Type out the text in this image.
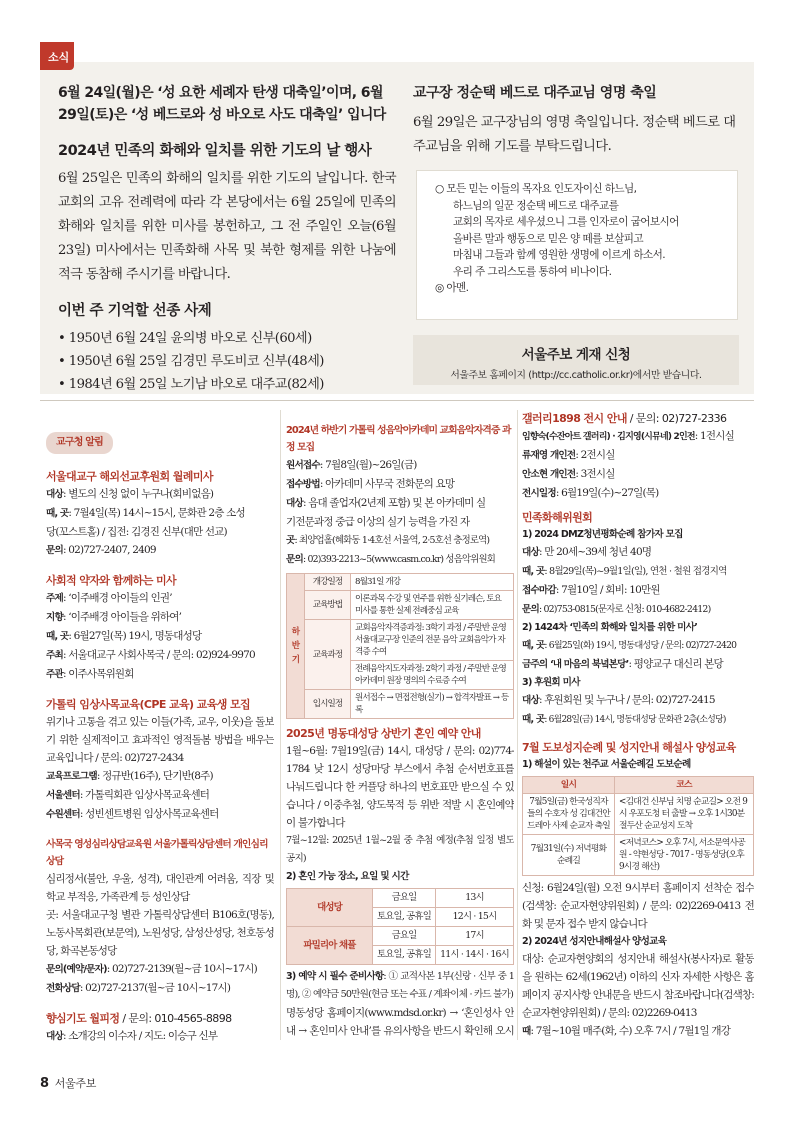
소식
6월 24일(월)은 ‘성 요한 세례자 탄생 대축일’이며, 6월 29일(토)은 ‘성 베드로와 성 바오로 사도 대축일’ 입니다
2024년 민족의 화해와 일치를 위한 기도의 날 행사
6월 25일은 민족의 화해의 일치를 위한 기도의 날입니다. 한국 교회의 고유 전례력에 따라 각 본당에서는 6월 25일에 민족의 화해와 일치를 위한 미사를 봉헌하고, 그 전 주일인 오늘(6월 23일) 미사에서는 민족화해 사목 및 북한 형제를 위한 나눔에 적극 동참해 주시기를 바랍니다.
이번 주 기억할 선종 사제
• 1950년 6월 24일 윤의병 바오로 신부(60세)
• 1950년 6월 25일 김경민 루도비코 신부(48세)
• 1984년 6월 25일 노기남 바오로 대주교(82세)
교구장 정순택 베드로 대주교님 영명 축일
6월 29일은 교구장님의 영명 축일입니다. 정순택 베드로 대주교님을 위해 기도를 부탁드립니다.

○ 모든 믿는 이들의 목자요 인도자이신 하느님,

하느님의 일꾼 정순택 베드로 대주교를

교회의 목자로 세우셨으니 그를 인자로이 굽어보시어

올바른 말과 행동으로 믿은 양 떼를 보살피고

마침내 그들과 함께 영원한 생명에 이르게 하소서.

우리 주 그리스도를 통하여 비나이다.

◎ 아멘.

서울주보 게재 신청
서울주보 홈페이지 (http://cc.catholic.or.kr)에서만 받습니다.
교구청 알림
서울대교구 해외선교후원회 월례미사
대상: 별도의 신청 없이 누구나(회비없음)
때, 곳: 7월4일(목) 14시~15시, 문화관 2층 소성
당(꼬스트홀) / 집전: 김경진 신부(대만 선교)
문의: 02)727-2407, 2409
사회적 약자와 함께하는 미사
주제: ‘이주배경 아이들의 인권’
지향: ‘이주배경 아이들을 위하여’
때, 곳: 6월27일(목) 19시, 명동대성당
주최: 서울대교구 사회사목국 / 문의: 02)924-9970
주관: 이주사목위원회
가톨릭 임상사목교육(CPE 교육) 교육생 모집
위기나 고통을 겪고 있는 이들(가족, 교우, 이웃)을 돌보기 위한 실제적이고 효과적인 영적돌봄 방법을 배우는 교육입니다 / 문의: 02)727-2434
교육프로그램: 정규반(16주), 단기반(8주)
서울센터: 가톨릭회관 임상사목교육센터
수원센터: 성빈센트병원 임상사목교육센터
사목국 영성심리상담교육원 서울가톨릭상담센터 개인심리상담
심리정서(불안, 우울, 성격), 대인관계 어려움, 직장 및 학교 부적응, 가족관계 등 성인상담
곳: 서울대교구청 별관 가톨릭상담센터 B106호(명동), 노동사목회관(보문역), 노원성당, 삼성산성당, 천호동성당, 화곡본동성당
문의(예약/문자): 02)727-2139(월~금 10시~17시)
전화상담: 02)727-2137(월~금 10시~17시)
향심기도 월피정 / 문의: 010-4565-8898
대상: 소개강의 이수자 / 지도: 이승구 신부

2024년 하반기 가톨릭 성음악아카데미 교회음악자격증 과정 모집
원서접수: 7월8일(월)~26일(금)
접수방법: 아카데미 사무국 전화문의 요망
대상: 음대 졸업자(2년제 포함) 및 본 아카데미 실
기전문과정 중급 이상의 실기 능력을 가진 자
곳: 최양업홀(혜화동 1·4호선 서울역, 2·5호선 충정로역)
문의: 02)393-2213~5(www.casm.co.kr) 성음악위원회
하반기	개강일정	8월31일 개강
	교육방법	이론과목 수강 및 연주를 위한 실기레슨, 토요 미사를 통한 실제 전례중심 교육
	교육과정	교회음악자격증과정: 3학기 과정 / 주말반 운영 서울대교구장 인준의 전문 음악 교회음악가 자격증 수여
		전례음악지도자과정: 2학기 과정 / 주말반 운영 아카데미 원장 명의의 수료증 수여
	입시일정	원서접수 → 면접전형(실기) → 합격자발표 → 등록
2025년 명동대성당 상반기 혼인 예약 안내
1월~6월: 7월19일(금) 14시, 대성당 / 문의: 02)774-1784 낮 12시 성당마당 부스에서 추첨 순서번호표를 나눠드립니다 한 커플당 하나의 번호표만 받으실 수 있습니다 / 이중추첨, 양도묵적 등 위반 적발 시 혼인예약이 불가합니다
7월~12월: 2025년 1월~2월 중 추첨 예정(추첨 일정 별도 공지)
2) 혼인 가능 장소, 요일 및 시간
대성당	금요일	13시
	토요일, 공휴일	12시 · 15시
파밀리아 채플	금요일	17시
	토요일, 공휴일	11시 · 14시 · 16시
3) 예약 시 필수 준비사항: ① 교적사본 1부(신랑 · 신부 중 1명), ② 예약금 50만원(현금 또는 수표 / 계좌이체 · 카드 불가)
명동성당 홈페이지(www.mdsd.or.kr) → ‘혼인성사 안내 → 혼인미사 안내’를 유의사항을 반드시 확인해 오시
갤러리1898 전시 안내 / 문의: 02)727-2336
임향숙(수잔아트 갤러리) · 김지영(시뮤네) 2인전: 1전시실
류재영 개인전: 2전시실
안소현 개인전: 3전시실
전시일정: 6월19일(수)~27일(목)
민족화해위원회
1) 2024 DMZ청년평화순례 참가자 모집
대상: 만 20세~39세 청년 40명
때, 곳: 8월29일(목)~9월1일(일), 연천 · 철원 접경지역
접수마감: 7월10일 / 회비: 10만원
문의: 02)753-0815(문자로 신청: 010-4682-2412)
2) 1424차 ‘민족의 화해와 일치를 위한 미사’
때, 곳: 6월25일(화) 19시, 명동대성당 / 문의: 02)727-2420
금주의 ‘내 마음의 북녘본당’: 평양교구 대신리 본당
3) 후원회 미사
대상: 후원회원 및 누구나 / 문의: 02)727-2415
때, 곳: 6월28일(금) 14시, 명동대성당 문화관 2층(소성당)
7월 도보성지순례 및 성지안내 해설사 양성교육
1) 해설이 있는 천주교 서울순례길 도보순례
일시	코스
7월5일(금) 한국성직자들의 수호자 성 김대건안드레아 사제 순교자 축일	<김대건 신부님 치명 순교길> 오전 9시 우포도청 터 출발 → 오후 1시30분 절두산 순교성지 도착
7월31일(수) 저녁평화순례길	<저녁코스> 오후 7시, 서소문역사공원 - 약현성당 - 7017 - 명동성당(오후 9시경 해산)
신청: 6월24일(월) 오전 9시부터 홈페이지 선착순 접수(검색창: 순교자현양위원회) / 문의: 02)2269-0413 전화 및 문자 접수 받지 않습니다
2) 2024년 성지안내해설사 양성교육
대상: 순교자현양회의 성지안내 해설사(봉사자)로 활동을 원하는 62세(1962년) 이하의 신자 자세한 사항은 홈페이지 공지사항 안내문을 반드시 참조바랍니다(검색창: 순교자현양위원회) / 문의: 02)2269-0413
때: 7월~10월 매주(화, 수) 오후 7시 / 7월1일 개강
8 서울주보
